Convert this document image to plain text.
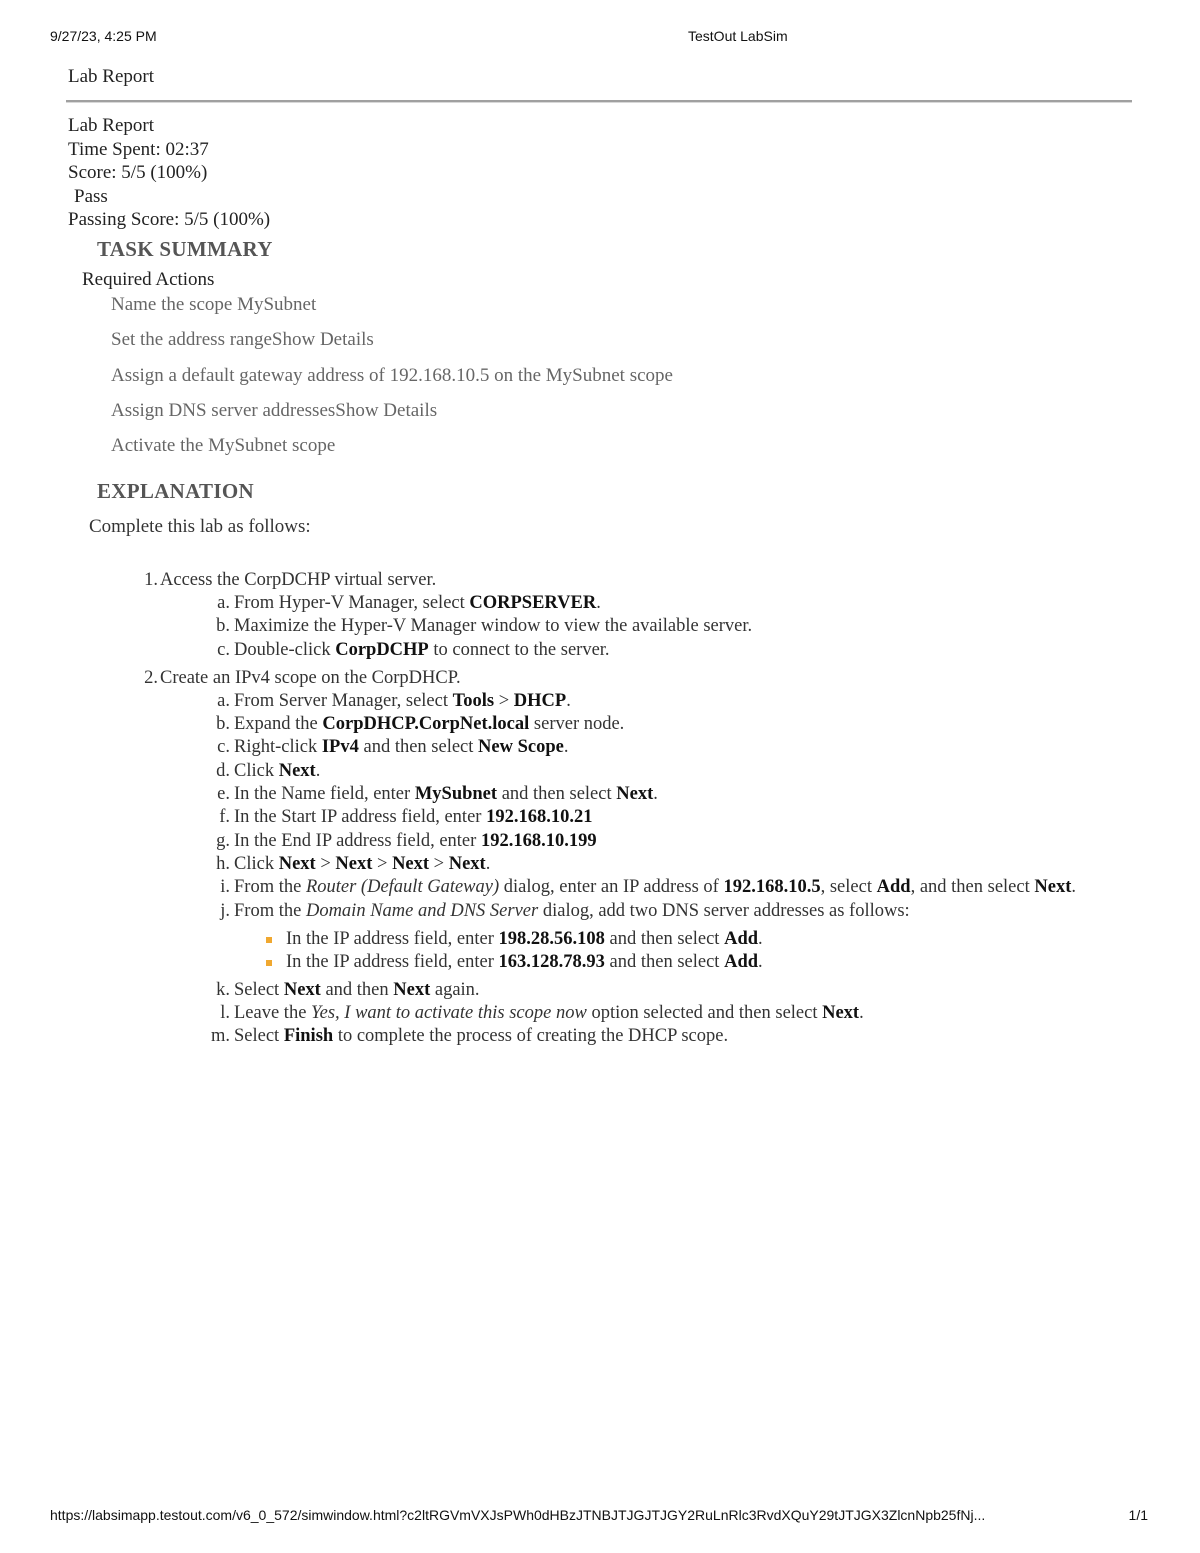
9/27/23, 4:25 PM	TestOut LabSim
Lab Report
Lab Report
Time Spent: 02:37
Score: 5/5 (100%)
Pass
Passing Score: 5/5 (100%)
TASK SUMMARY
Required Actions
Name the scope MySubnet
Set the address rangeShow Details
Assign a default gateway address of 192.168.10.5 on the MySubnet scope
Assign DNS server addressesShow Details
Activate the MySubnet scope
EXPLANATION
Complete this lab as follows:
1. Access the CorpDCHP virtual server.
a. From Hyper-V Manager, select CORPSERVER.
b. Maximize the Hyper-V Manager window to view the available server.
c. Double-click CorpDCHP to connect to the server.
2. Create an IPv4 scope on the CorpDHCP.
a. From Server Manager, select Tools > DHCP.
b. Expand the CorpDHCP.CorpNet.local server node.
c. Right-click IPv4 and then select New Scope.
d. Click Next.
e. In the Name field, enter MySubnet and then select Next.
f. In the Start IP address field, enter 192.168.10.21
g. In the End IP address field, enter 192.168.10.199
h. Click Next > Next > Next > Next.
i. From the Router (Default Gateway) dialog, enter an IP address of 192.168.10.5, select Add, and then select Next.
j. From the Domain Name and DNS Server dialog, add two DNS server addresses as follows:
In the IP address field, enter 198.28.56.108 and then select Add.
In the IP address field, enter 163.128.78.93 and then select Add.
k. Select Next and then Next again.
l. Leave the Yes, I want to activate this scope now option selected and then select Next.
m. Select Finish to complete the process of creating the DHCP scope.
https://labsimapp.testout.com/v6_0_572/simwindow.html?c2ltRGVmVXJsPWh0dHBzJTNBJTJGJTJGY2RuLnRlc3RvdXQuY29tJTJGX3ZlcnNpb25fNj...	1/1
